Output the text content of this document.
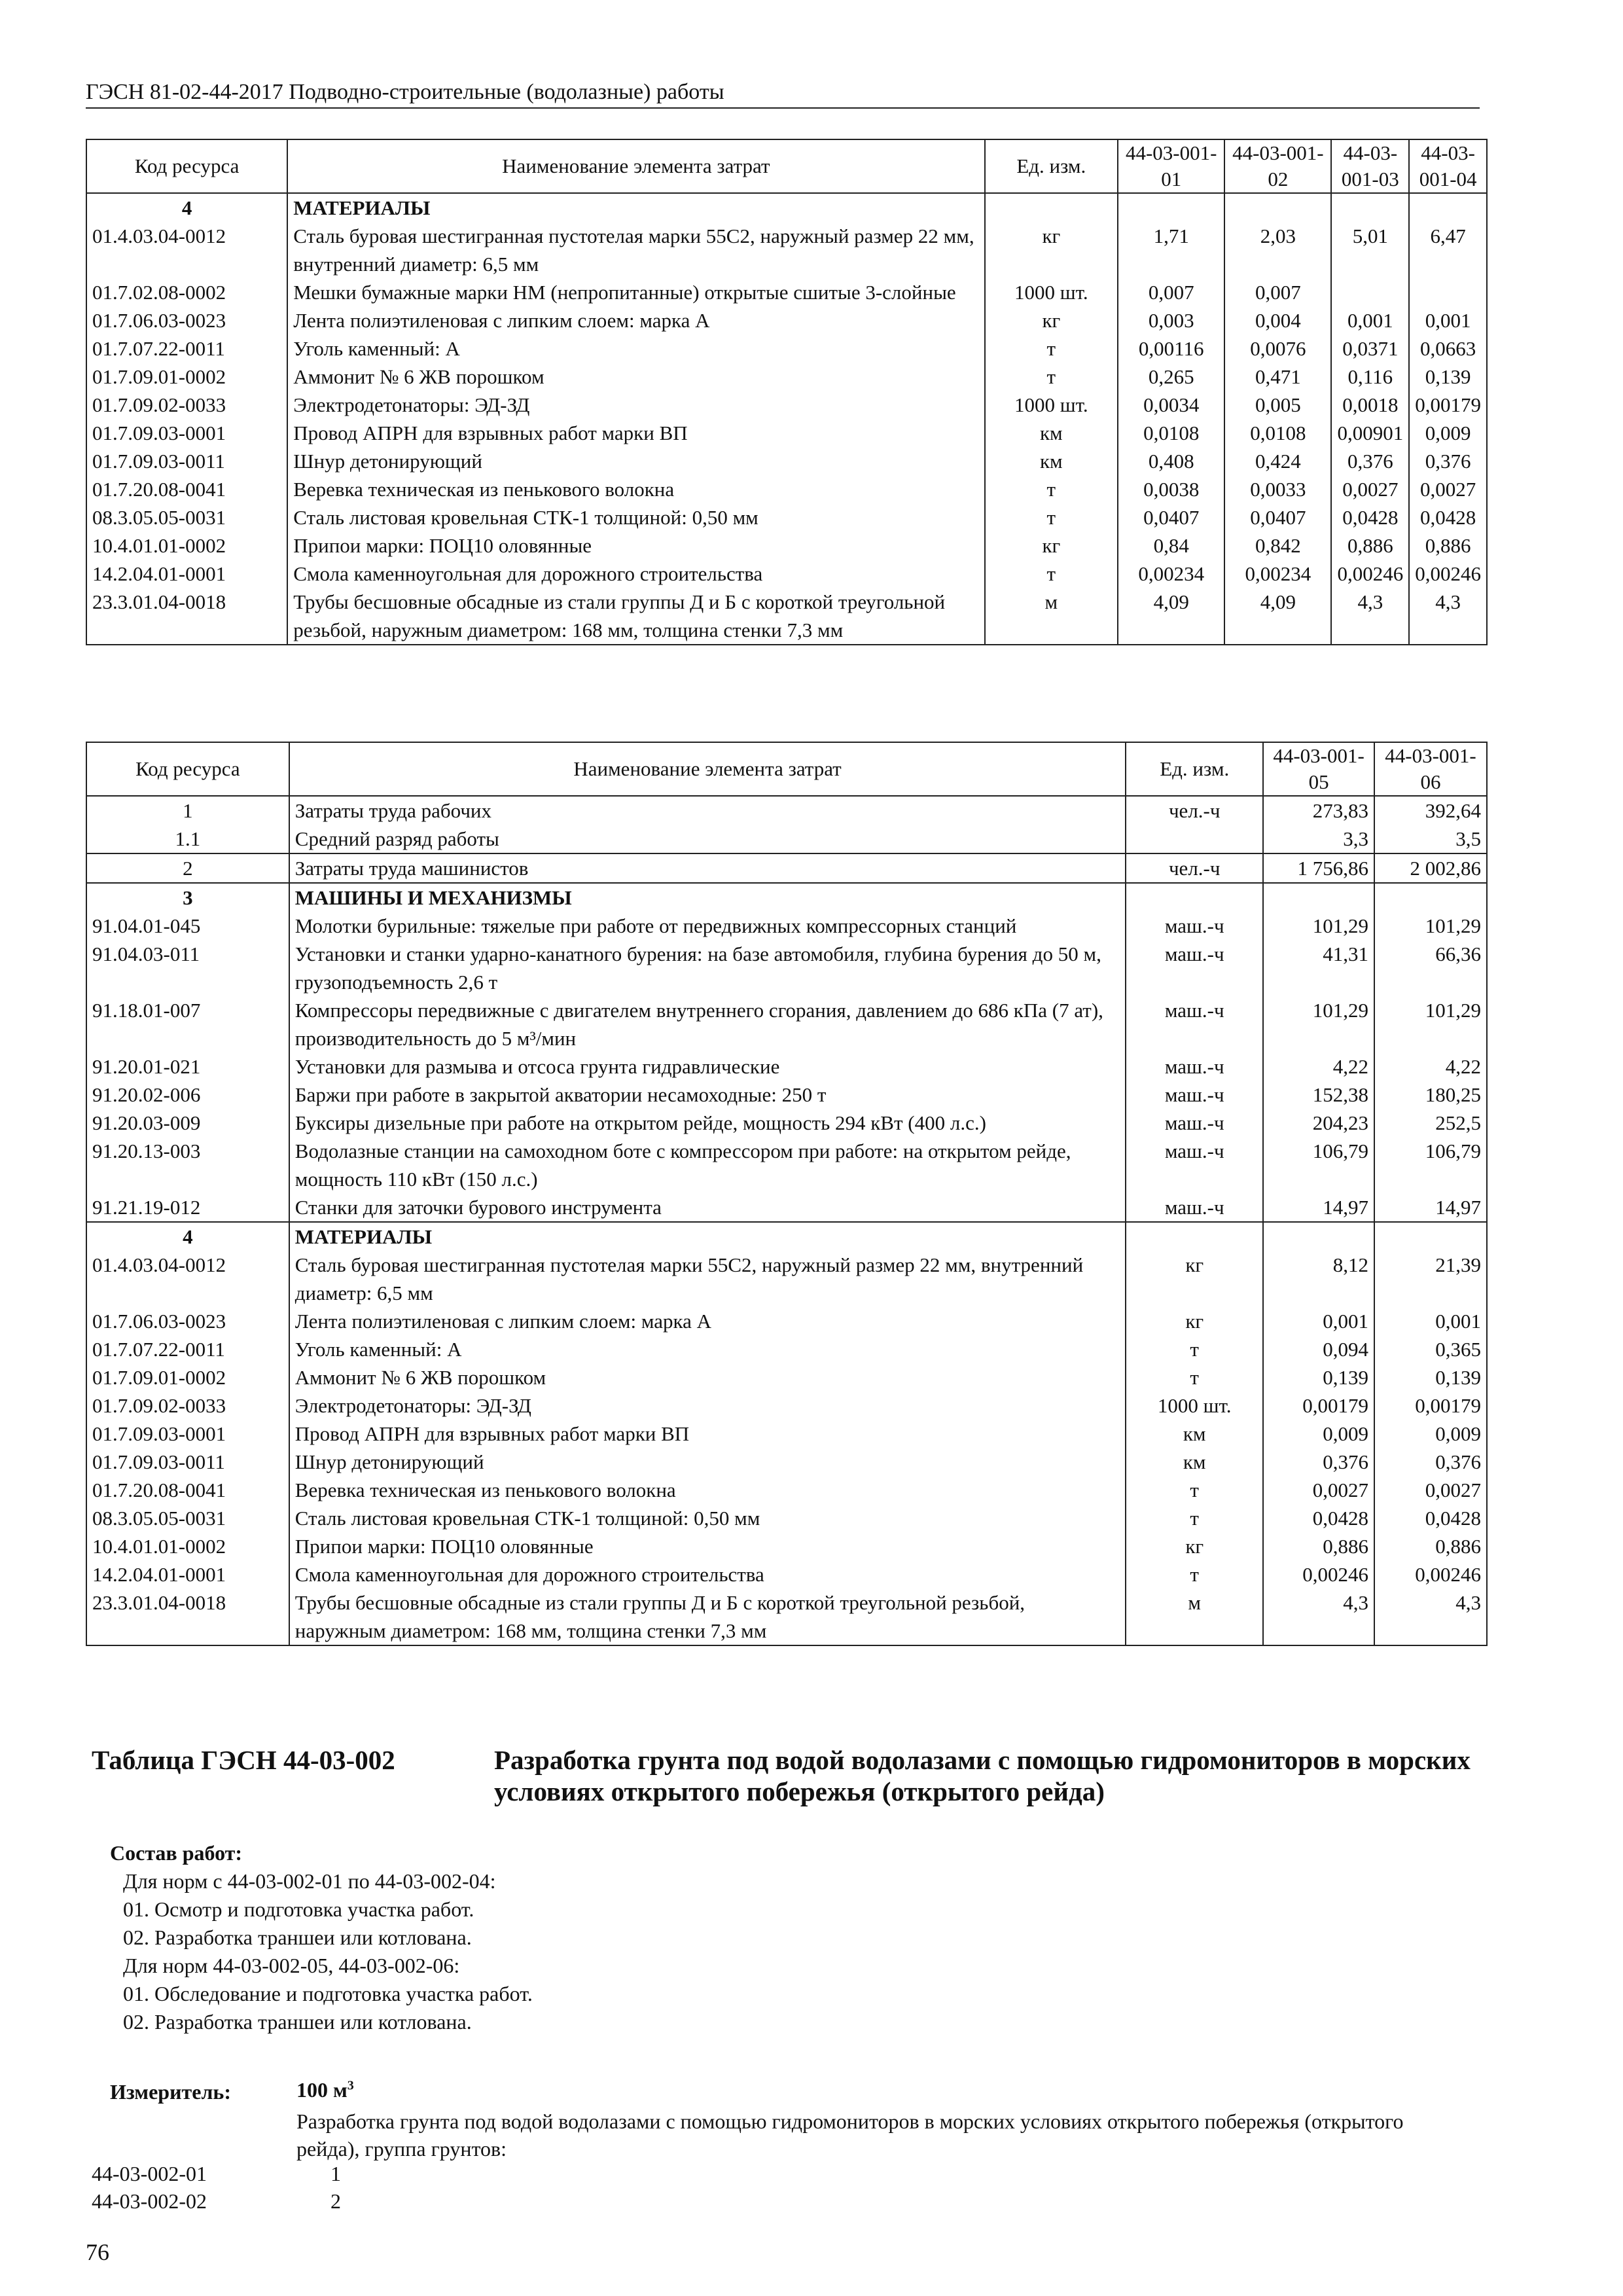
ГЭСН 81-02-44-2017 Подводно-строительные (водолазные) работы
Код ресурса	Наименование элемента затрат	Ед. изм.	44-03-001-01	44-03-001-02	44-03-001-03	44-03-001-04
4	МАТЕРИАЛЫ					
01.4.03.04-0012	Сталь буровая шестигранная пустотелая марки 55С2, наружный размер 22 мм, внутренний диаметр: 6,5 мм	кг	1,71	2,03	5,01	6,47
01.7.02.08-0002	Мешки бумажные марки НМ (непропитанные) открытые сшитые 3-слойные	1000 шт.	0,007	0,007		
01.7.06.03-0023	Лента полиэтиленовая с липким слоем: марка А	кг	0,003	0,004	0,001	0,001
01.7.07.22-0011	Уголь каменный: А	т	0,00116	0,0076	0,0371	0,0663
01.7.09.01-0002	Аммонит № 6 ЖВ порошком	т	0,265	0,471	0,116	0,139
01.7.09.02-0033	Электродетонаторы: ЭД-ЗД	1000 шт.	0,0034	0,005	0,0018	0,00179
01.7.09.03-0001	Провод АПРН для взрывных работ марки ВП	км	0,0108	0,0108	0,00901	0,009
01.7.09.03-0011	Шнур детонирующий	км	0,408	0,424	0,376	0,376
01.7.20.08-0041	Веревка техническая из пенькового волокна	т	0,0038	0,0033	0,0027	0,0027
08.3.05.05-0031	Сталь листовая кровельная СТК-1 толщиной: 0,50 мм	т	0,0407	0,0407	0,0428	0,0428
10.4.01.01-0002	Припои марки: ПОЦ10 оловянные	кг	0,84	0,842	0,886	0,886
14.2.04.01-0001	Смола каменноугольная для дорожного строительства	т	0,00234	0,00234	0,00246	0,00246
23.3.01.04-0018	Трубы бесшовные обсадные из стали группы Д и Б с короткой треугольной резьбой, наружным диаметром: 168 мм, толщина стенки 7,3 мм	м	4,09	4,09	4,3	4,3
Код ресурса	Наименование элемента затрат	Ед. изм.	44-03-001-05	44-03-001-06
1	Затраты труда рабочих	чел.-ч	273,83	392,64
1.1	Средний разряд работы		3,3	3,5
2	Затраты труда машинистов	чел.-ч	1 756,86	2 002,86
3	МАШИНЫ И МЕХАНИЗМЫ			
91.04.01-045	Молотки бурильные: тяжелые при работе от передвижных компрессорных станций	маш.-ч	101,29	101,29
91.04.03-011	Установки и станки ударно-канатного бурения: на базе автомобиля, глубина бурения до 50 м, грузоподъемность 2,6 т	маш.-ч	41,31	66,36
91.18.01-007	Компрессоры передвижные с двигателем внутреннего сгорания, давлением до 686 кПа (7 ат), производительность до 5 м³/мин	маш.-ч	101,29	101,29
91.20.01-021	Установки для размыва и отсоса грунта гидравлические	маш.-ч	4,22	4,22
91.20.02-006	Баржи при работе в закрытой акватории несамоходные: 250 т	маш.-ч	152,38	180,25
91.20.03-009	Буксиры дизельные при работе на открытом рейде, мощность 294 кВт (400 л.с.)	маш.-ч	204,23	252,5
91.20.13-003	Водолазные станции на самоходном боте с компрессором при работе: на открытом рейде, мощность 110 кВт (150 л.с.)	маш.-ч	106,79	106,79
91.21.19-012	Станки для заточки бурового инструмента	маш.-ч	14,97	14,97
4	МАТЕРИАЛЫ			
01.4.03.04-0012	Сталь буровая шестигранная пустотелая марки 55С2, наружный размер 22 мм, внутренний диаметр: 6,5 мм	кг	8,12	21,39
01.7.06.03-0023	Лента полиэтиленовая с липким слоем: марка А	кг	0,001	0,001
01.7.07.22-0011	Уголь каменный: А	т	0,094	0,365
01.7.09.01-0002	Аммонит № 6 ЖВ порошком	т	0,139	0,139
01.7.09.02-0033	Электродетонаторы: ЭД-ЗД	1000 шт.	0,00179	0,00179
01.7.09.03-0001	Провод АПРН для взрывных работ марки ВП	км	0,009	0,009
01.7.09.03-0011	Шнур детонирующий	км	0,376	0,376
01.7.20.08-0041	Веревка техническая из пенькового волокна	т	0,0027	0,0027
08.3.05.05-0031	Сталь листовая кровельная СТК-1 толщиной: 0,50 мм	т	0,0428	0,0428
10.4.01.01-0002	Припои марки: ПОЦ10 оловянные	кг	0,886	0,886
14.2.04.01-0001	Смола каменноугольная для дорожного строительства	т	0,00246	0,00246
23.3.01.04-0018	Трубы бесшовные обсадные из стали группы Д и Б с короткой треугольной резьбой, наружным диаметром: 168 мм, толщина стенки 7,3 мм	м	4,3	4,3
Таблица ГЭСН 44-03-002	Разработка грунта под водой водолазами с помощью гидромониторов в морских условиях открытого побережья (открытого рейда)
Состав работ:
Для норм с 44-03-002-01 по 44-03-002-04:
01. Осмотр и подготовка участка работ.
02. Разработка траншеи или котлована.
Для норм 44-03-002-05, 44-03-002-06:
01. Обследование и подготовка участка работ.
02. Разработка траншеи или котлована.
Измеритель:	100 $м^3$
Разработка грунта под водой водолазами с помощью гидромониторов в морских условиях открытого побережья (открытого рейда), группа грунтов:
44-03-002-01	1
44-03-002-02	2
76
